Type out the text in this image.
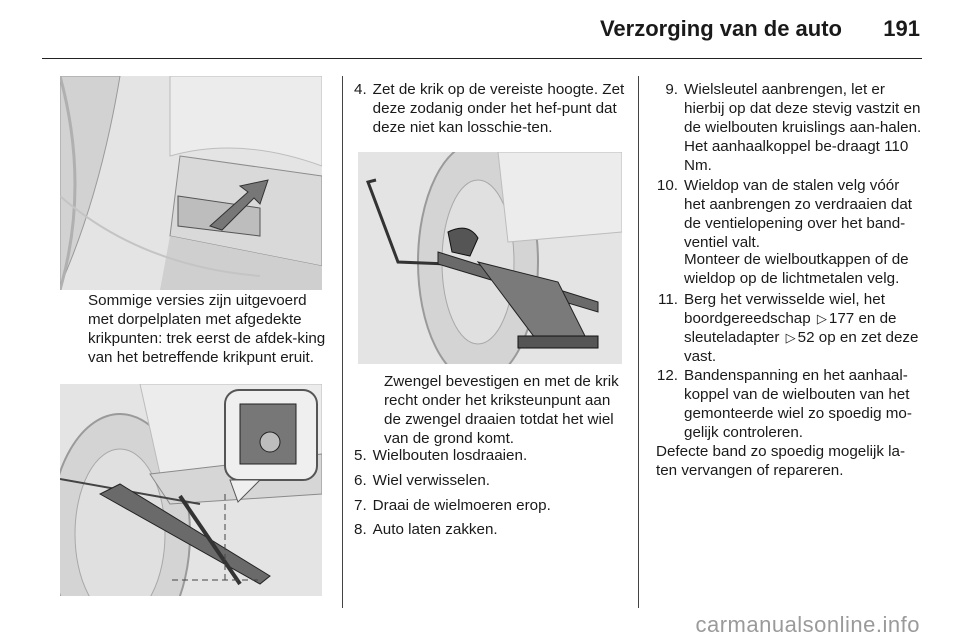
Verzorging van de auto 191
Sommige versies zijn uitgevoerd met dorpelplaten met afgedekte krikpunten: trek eerst de afdek-king van het betreffende krikpunt eruit.
4. Zet de krik op de vereiste hoogte. Zet deze zodanig onder het hef-punt dat deze niet kan losschie-ten.
Zwengel bevestigen en met de krik recht onder het kriksteunpunt aan de zwengel draaien totdat het wiel van de grond komt.
5. Wielbouten losdraaien.
6. Wiel verwisselen.
7. Draai de wielmoeren erop.
8. Auto laten zakken.
9. Wielsleutel aanbrengen, let er hierbij op dat deze stevig vastzit en de wielbouten kruislings aan-halen. Het aanhaalkoppel be-draagt 110 Nm.
10. Wieldop van de stalen velg vóór het aanbrengen zo verdraaien dat de ventielopening over het band-ventiel valt.
Monteer de wielboutkappen of de wieldop op de lichtmetalen velg.
11. Berg het verwisselde wiel, het boordgereedschap ▷ 177 en de sleuteladapter ▷ 52 op en zet deze vast.
12. Bandenspanning en het aanhaal-koppel van de wielbouten van het gemonteerde wiel zo spoedig mo-gelijk controleren.
Defecte band zo spoedig mogelijk la-ten vervangen of repareren.
carmanualsonline.info
